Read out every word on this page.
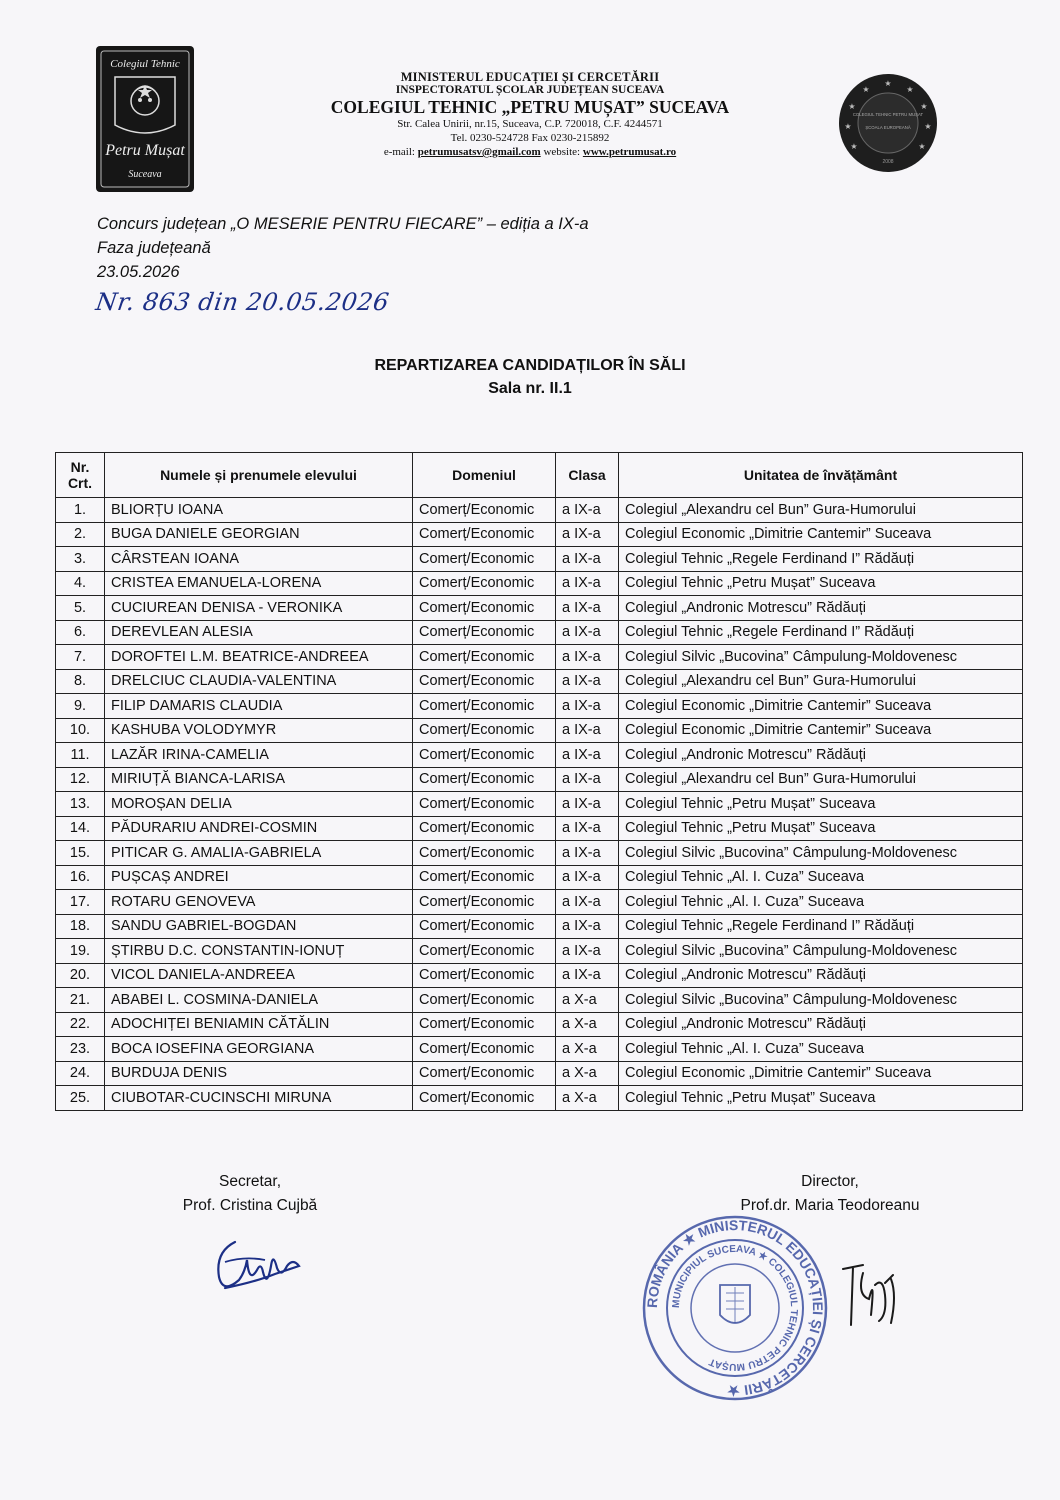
Colegiul Tehnic
Petru Mușat
Suceava
★
★
★
★
★
★
★
★
★
COLEGIUL TEHNIC PETRU MUȘAT
ȘCOALA EUROPEANĂ
2008
MINISTERUL EDUCAȚIEI ȘI CERCETĂRII
INSPECTORATUL ȘCOLAR JUDEȚEAN SUCEAVA
COLEGIUL TEHNIC „PETRU MUȘAT” SUCEAVA
Str. Calea Unirii, nr.15, Suceava, C.P. 720018, C.F. 4244571
Tel. 0230-524728 Fax 0230-215892
e-mail: petrumusatsv@gmail.com website: www.petrumusat.ro
Concurs județean „O MESERIE PENTRU FIECARE” – ediția a IX-a
Faza județeană
23.05.2026
Nr. 863 din 20.05.2026
REPARTIZAREA CANDIDAȚILOR ÎN SĂLI
Sala nr. II.1
Nr.
Crt.	Numele și prenumele elevului	Domeniul	Clasa	Unitatea de învățământ
1.	BLIORȚU IOANA	Comerț/Economic	a IX-a	Colegiul „Alexandru cel Bun” Gura-Humorului
2.	BUGA DANIELE GEORGIAN	Comerț/Economic	a IX-a	Colegiul Economic „Dimitrie Cantemir” Suceava
3.	CÂRSTEAN IOANA	Comerț/Economic	a IX-a	Colegiul Tehnic „Regele Ferdinand I” Rădăuți
4.	CRISTEA EMANUELA-LORENA	Comerț/Economic	a IX-a	Colegiul Tehnic „Petru Mușat” Suceava
5.	CUCIUREAN DENISA - VERONIKA	Comerț/Economic	a IX-a	Colegiul „Andronic Motrescu” Rădăuți
6.	DEREVLEAN ALESIA	Comerț/Economic	a IX-a	Colegiul Tehnic „Regele Ferdinand I” Rădăuți
7.	DOROFTEI L.M. BEATRICE-ANDREEA	Comerț/Economic	a IX-a	Colegiul Silvic „Bucovina” Câmpulung-Moldovenesc
8.	DRELCIUC CLAUDIA-VALENTINA	Comerț/Economic	a IX-a	Colegiul „Alexandru cel Bun” Gura-Humorului
9.	FILIP DAMARIS CLAUDIA	Comerț/Economic	a IX-a	Colegiul Economic „Dimitrie Cantemir” Suceava
10.	KASHUBA VOLODYMYR	Comerț/Economic	a IX-a	Colegiul Economic „Dimitrie Cantemir” Suceava
11.	LAZĂR IRINA-CAMELIA	Comerț/Economic	a IX-a	Colegiul „Andronic Motrescu” Rădăuți
12.	MIRIUȚĂ BIANCA-LARISA	Comerț/Economic	a IX-a	Colegiul „Alexandru cel Bun” Gura-Humorului
13.	MOROȘAN DELIA	Comerț/Economic	a IX-a	Colegiul Tehnic „Petru Mușat” Suceava
14.	PĂDURARIU ANDREI-COSMIN	Comerț/Economic	a IX-a	Colegiul Tehnic „Petru Mușat” Suceava
15.	PITICAR G. AMALIA-GABRIELA	Comerț/Economic	a IX-a	Colegiul Silvic „Bucovina” Câmpulung-Moldovenesc
16.	PUȘCAȘ ANDREI	Comerț/Economic	a IX-a	Colegiul Tehnic „Al. I. Cuza” Suceava
17.	ROTARU GENOVEVA	Comerț/Economic	a IX-a	Colegiul Tehnic „Al. I. Cuza” Suceava
18.	SANDU GABRIEL-BOGDAN	Comerț/Economic	a IX-a	Colegiul Tehnic „Regele Ferdinand I” Rădăuți
19.	ȘTIRBU D.C. CONSTANTIN-IONUȚ	Comerț/Economic	a IX-a	Colegiul Silvic „Bucovina” Câmpulung-Moldovenesc
20.	VICOL DANIELA-ANDREEA	Comerț/Economic	a IX-a	Colegiul „Andronic Motrescu” Rădăuți
21.	ABABEI L. COSMINA-DANIELA	Comerț/Economic	a X-a	Colegiul Silvic „Bucovina” Câmpulung-Moldovenesc
22.	ADOCHIȚEI BENIAMIN CĂTĂLIN	Comerț/Economic	a X-a	Colegiul „Andronic Motrescu” Rădăuți
23.	BOCA IOSEFINA GEORGIANA	Comerț/Economic	a X-a	Colegiul Tehnic „Al. I. Cuza” Suceava
24.	BURDUJA DENIS	Comerț/Economic	a X-a	Colegiul Economic „Dimitrie Cantemir” Suceava
25.	CIUBOTAR-CUCINSCHI MIRUNA	Comerț/Economic	a X-a	Colegiul Tehnic „Petru Mușat” Suceava
Secretar,
Prof. Cristina Cujbă
Director,
Prof.dr. Maria Teodoreanu
ROMÂNIA ★ MINISTERUL EDUCAȚIEI ȘI CERCETĂRII ★
MUNICIPIUL SUCEAVA ★ COLEGIUL TEHNIC PETRU MUȘAT
